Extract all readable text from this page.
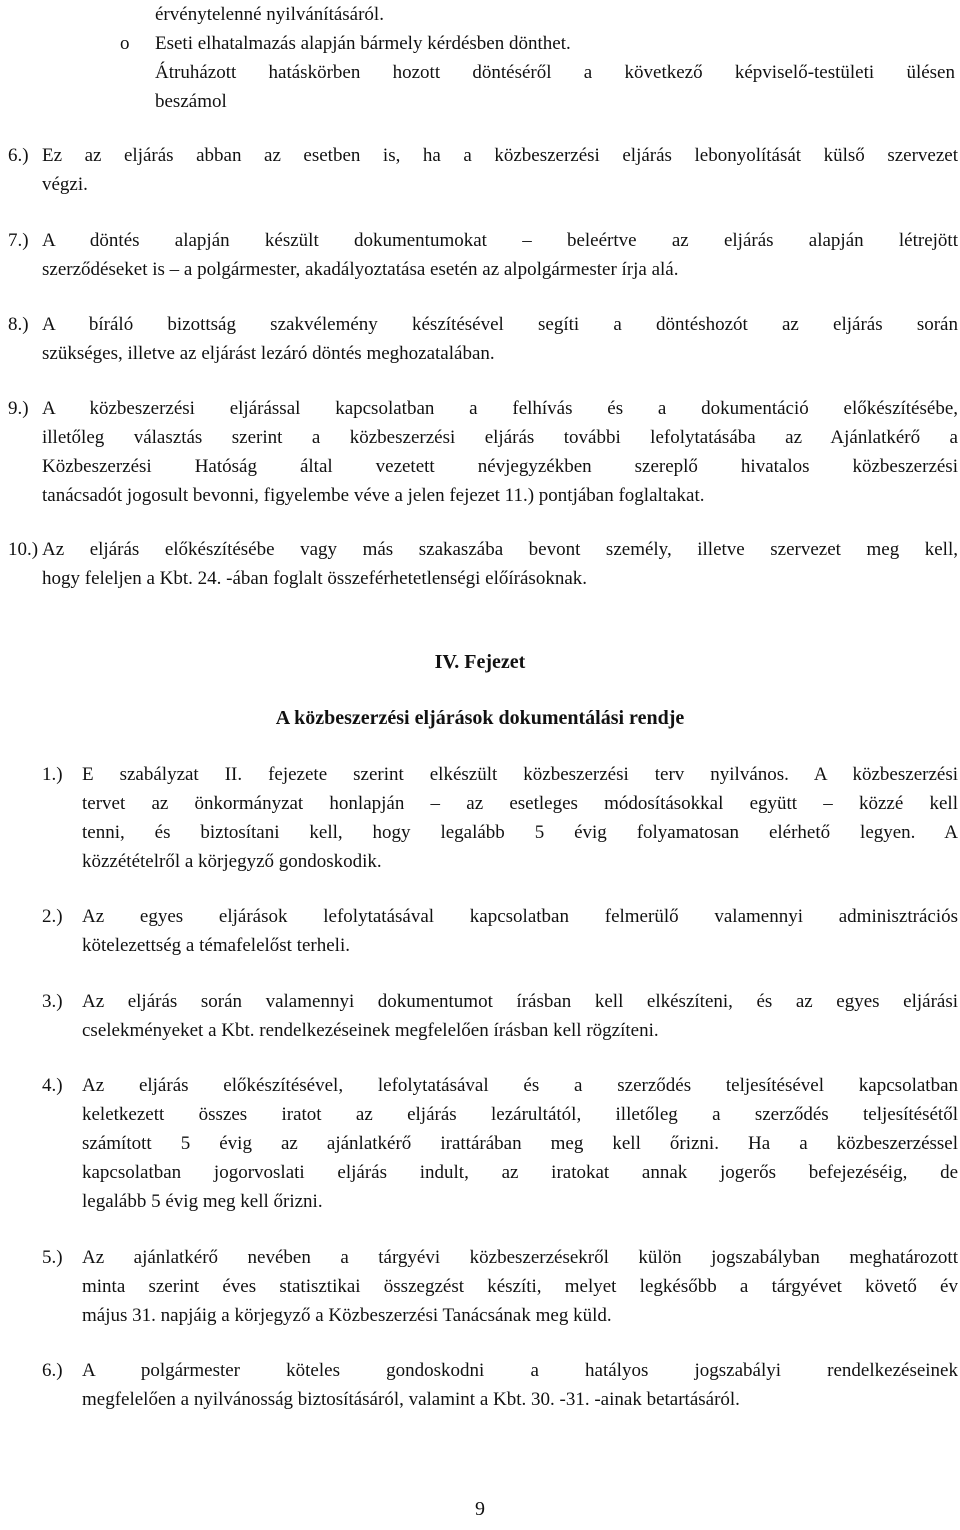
érvénytelenné nyilvánításáról.
o Eseti elhatalmazás alapján bármely kérdésben dönthet.
Átruházott hatáskörben hozott döntéséről a következő képviselő-testületi ülésen
beszámol
6.) Ez az eljárás abban az esetben is, ha a közbeszerzési eljárás lebonyolítását külső szervezet
végzi.
7.) A döntés alapján készült dokumentumokat – beleértve az eljárás alapján létrejött
szerződéseket is – a polgármester, akadályoztatása esetén az alpolgármester írja alá.
8.) A bíráló bizottság szakvélemény készítésével segíti a döntéshozót az eljárás során
szükséges, illetve az eljárást lezáró döntés meghozatalában.
9.) A közbeszerzési eljárással kapcsolatban a felhívás és a dokumentáció előkészítésébe,
illetőleg választás szerint a közbeszerzési eljárás további lefolytatásába az Ajánlatkérő a
Közbeszerzési Hatóság által vezetett névjegyzékben szereplő hivatalos közbeszerzési
tanácsadót jogosult bevonni, figyelembe véve a jelen fejezet 11.) pontjában foglaltakat.
10.) Az eljárás előkészítésébe vagy más szakaszába bevont személy, illetve szervezet meg kell,
hogy feleljen a Kbt. 24. -ában foglalt összeférhetetlenségi előírásoknak.
IV. Fejezet
A közbeszerzési eljárások dokumentálási rendje
1.) E szabályzat II. fejezete szerint elkészült közbeszerzési terv nyilvános. A közbeszerzési
tervet az önkormányzat honlapján – az esetleges módosításokkal együtt – közzé kell
tenni, és biztosítani kell, hogy legalább 5 évig folyamatosan elérhető legyen. A
közzétételről a körjegyző gondoskodik.
2.) Az egyes eljárások lefolytatásával kapcsolatban felmerülő valamennyi adminisztrációs
kötelezettség a témafelelőst terheli.
3.) Az eljárás során valamennyi dokumentumot írásban kell elkészíteni, és az egyes eljárási
cselekményeket a Kbt. rendelkezéseinek megfelelően írásban kell rögzíteni.
4.) Az eljárás előkészítésével, lefolytatásával és a szerződés teljesítésével kapcsolatban
keletkezett összes iratot az eljárás lezárultától, illetőleg a szerződés teljesítésétől
számított 5 évig az ajánlatkérő irattárában meg kell őrizni. Ha a közbeszerzéssel
kapcsolatban jogorvoslati eljárás indult, az iratokat annak jogerős befejezéséig, de
legalább 5 évig meg kell őrizni.
5.) Az ajánlatkérő nevében a tárgyévi közbeszerzésekről külön jogszabályban meghatározott
minta szerint éves statisztikai összegzést készíti, melyet legkésőbb a tárgyévet követő év
május 31. napjáig a körjegyző a Közbeszerzési Tanácsának meg küld.
6.) A polgármester köteles gondoskodni a hatályos jogszabályi rendelkezéseinek
megfelelően a nyilvánosság biztosításáról, valamint a Kbt. 30. -31. -ainak betartásáról.
9
